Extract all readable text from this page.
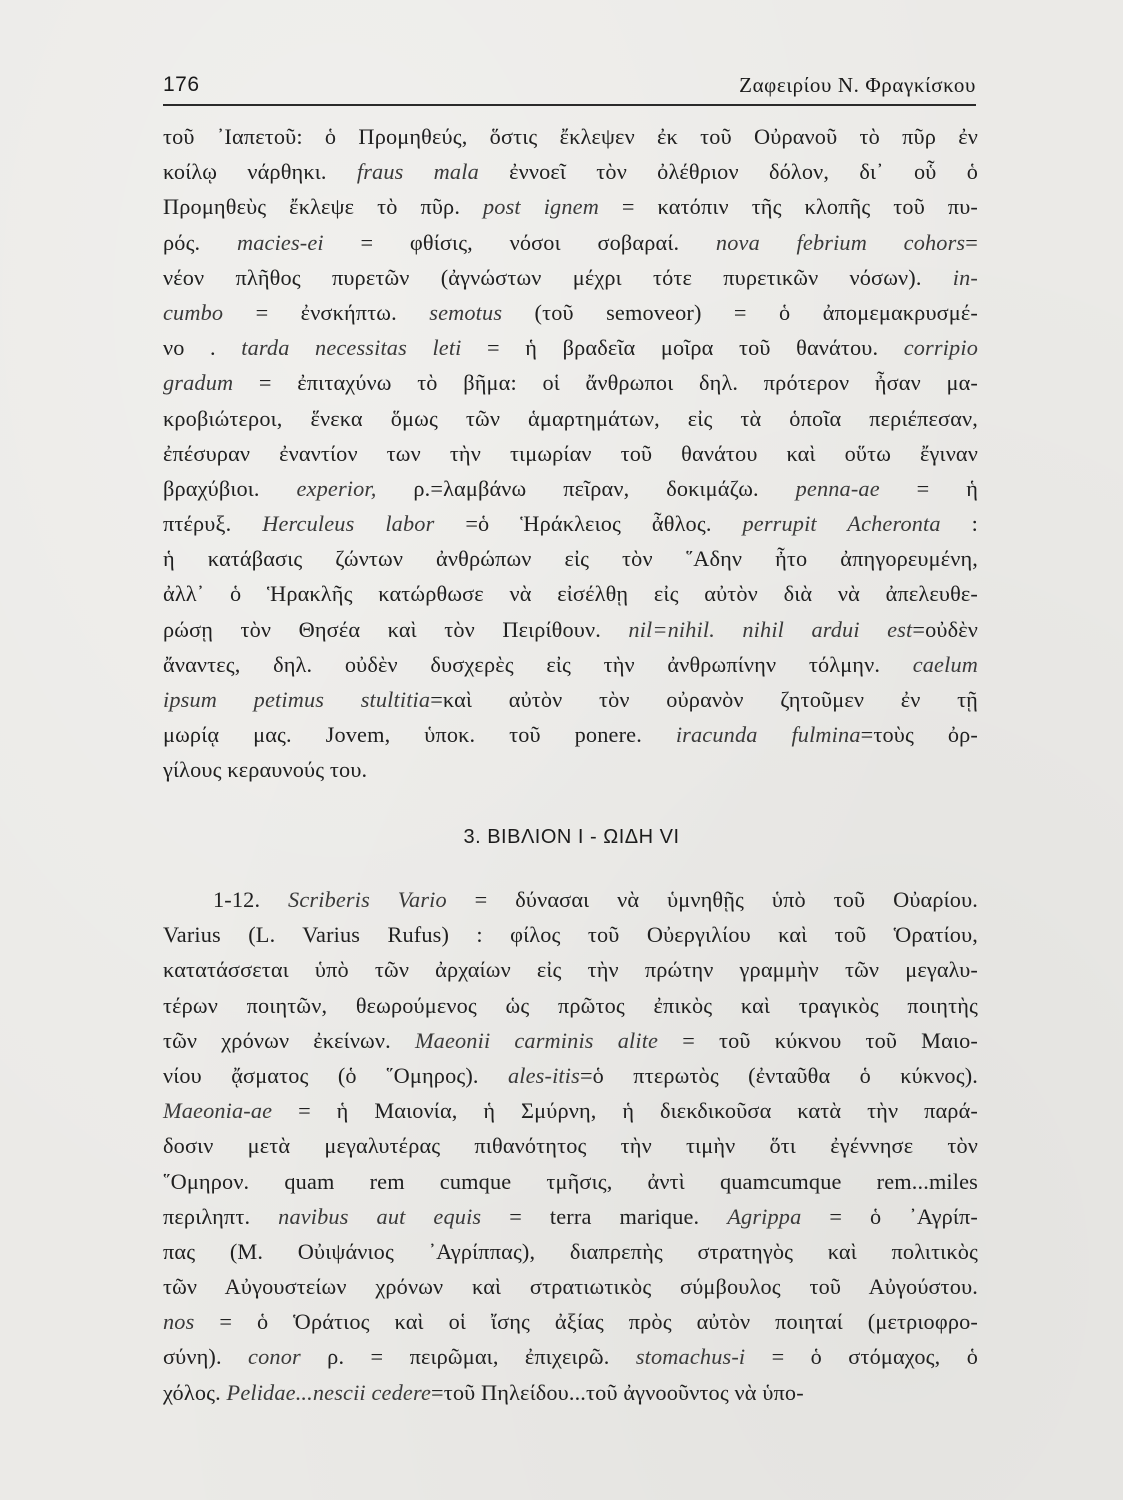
176	Ζαφειρίου Ν. Φραγκίσκου
τοῦ ᾿Ιαπετοῦ: ὁ Προμηθεύς, ὅστις ἔκλεψεν ἐκ τοῦ Οὐρανοῦ τὸ πῦρ ἐν
κοίλῳ νάρθηκι. fraus mala ἐννοεῖ τὸν ὀλέθριον δόλον, δι᾿ οὗ ὁ
Προμηθεὺς ἔκλεψε τὸ πῦρ. post ignem = κατόπιν τῆς κλοπῆς τοῦ πυ-
ρός. macies-ei = φθίσις, νόσοι σοβαραί. nova febrium cohors=
νέον πλῆθος πυρετῶν (ἀγνώστων μέχρι τότε πυρετικῶν νόσων). in-
cumbo = ἐνσκήπτω. semotus (τοῦ semoveor) = ὁ ἀπομεμακρυσμέ-
νο . tarda necessitas leti = ἡ βραδεῖα μοῖρα τοῦ θανάτου. corripio
gradum = ἐπιταχύνω τὸ βῆμα: οἱ ἄνθρωποι δηλ. πρότερον ἦσαν μα-
κροβιώτεροι, ἕνεκα ὅμως τῶν ἁμαρτημάτων, εἰς τὰ ὁποῖα περιέπεσαν,
ἐπέσυραν ἐναντίον των τὴν τιμωρίαν τοῦ θανάτου καὶ οὕτω ἔγιναν
βραχύβιοι. experior, ρ.=λαμβάνω πεῖραν, δοκιμάζω. penna-ae = ἡ
πτέρυξ. Herculeus labor =ὁ Ἡράκλειος ἆθλος. perrupit Acheronta :
ἡ κατάβασις ζώντων ἀνθρώπων εἰς τὸν ῞Αδην ἦτο ἀπηγορευμένη,
ἀλλ᾿ ὁ Ἡρακλῆς κατώρθωσε νὰ εἰσέλθῃ εἰς αὐτὸν διὰ νὰ ἀπελευθε-
ρώσῃ τὸν Θησέα καὶ τὸν Πειρίθουν. nil=nihil. nihil ardui est=οὐδὲν
ἄναντες, δηλ. οὐδὲν δυσχερὲς εἰς τὴν ἀνθρωπίνην τόλμην. caelum
ipsum petimus stultitia=καὶ αὐτὸν τὸν οὐρανὸν ζητοῦμεν ἐν τῇ
μωρίᾳ μας. Jovem, ὑποκ. τοῦ ponere. iracunda fulmina=τοὺς ὀρ-
γίλους κεραυνούς του.
3. ΒΙΒΛΙΟΝ Ι - ΩΙΔΗ VI
1-12. Scriberis Vario = δύνασαι νὰ ὑμνηθῇς ὑπὸ τοῦ Οὐαρίου.
Varius (L. Varius Rufus) : φίλος τοῦ Οὐεργιλίου καὶ τοῦ Ὁρατίου,
κατατάσσεται ὑπὸ τῶν ἀρχαίων εἰς τὴν πρώτην γραμμὴν τῶν μεγαλυ-
τέρων ποιητῶν, θεωρούμενος ὡς πρῶτος ἐπικὸς καὶ τραγικὸς ποιητὴς
τῶν χρόνων ἐκείνων. Maeonii carminis alite = τοῦ κύκνου τοῦ Μαιο-
νίου ᾄσματος (ὁ ῞Ομηρος). ales-itis=ὁ πτερωτὸς (ἐνταῦθα ὁ κύκνος).
Maeonia-ae = ἡ Μαιονία, ἡ Σμύρνη, ἡ διεκδικοῦσα κατὰ τὴν παρά-
δοσιν μετὰ μεγαλυτέρας πιθανότητος τὴν τιμὴν ὅτι ἐγέννησε τὸν
῞Ομηρον. quam rem cumque τμῆσις, ἀντὶ quamcumque rem...miles
περιληπτ. navibus aut equis = terra marique. Agrippa = ὁ ᾿Αγρίπ-
πας (Μ. Οὐιψάνιος ᾿Αγρίππας), διαπρεπὴς στρατηγὸς καὶ πολιτικὸς
τῶν Αὐγουστείων χρόνων καὶ στρατιωτικὸς σύμβουλος τοῦ Αὐγούστου.
nos = ὁ Ὁράτιος καὶ οἱ ἴσης ἀξίας πρὸς αὐτὸν ποιηταί (μετριοφρο-
σύνη). conor ρ. = πειρῶμαι, ἐπιχειρῶ. stomachus-i = ὁ στόμαχος, ὁ
χόλος. Pelidae...nescii cedere=τοῦ Πηλείδου...τοῦ ἀγνοοῦντος νὰ ὑπο-
